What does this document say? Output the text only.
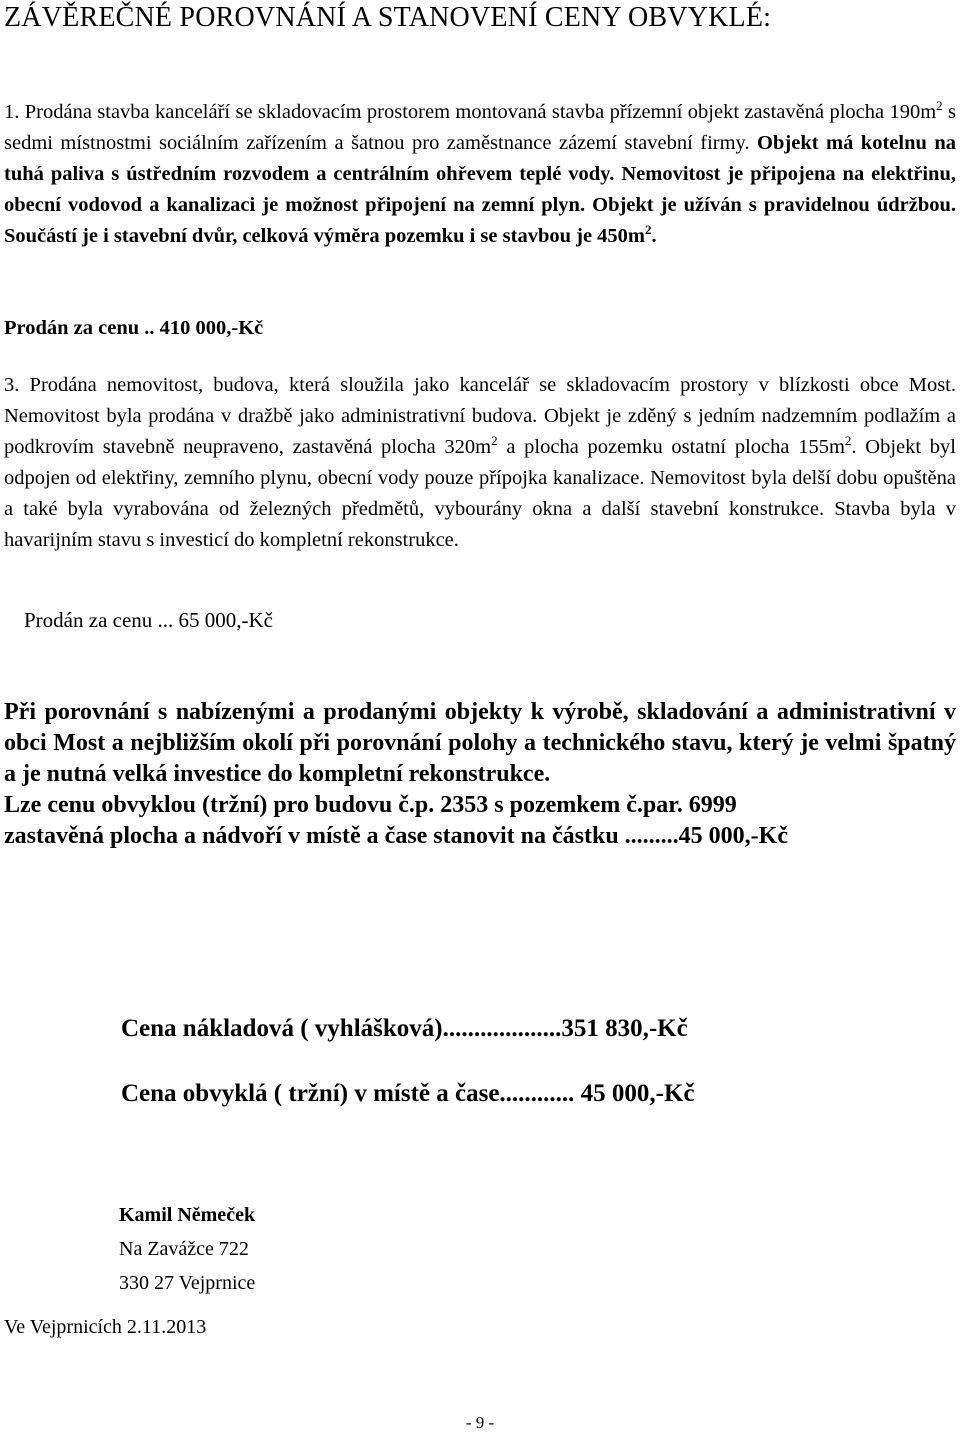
ZÁVĚREČNÉ POROVNÁNÍ A STANOVENÍ CENY OBVYKLÉ:

1. Prodána stavba kanceláří se skladovacím prostorem montovaná stavba přízemní objekt zastavěná plocha $190m^2$ s sedmi místnostmi sociálním zařízením a šatnou pro zaměstnance zázemí stavební firmy. Objekt má kotelnu na tuhá paliva s ústředním rozvodem a centrálním ohřevem teplé vody. Nemovitost je připojena na elektřinu, obecní vodovod a kanalizaci je možnost připojení na zemní plyn. Objekt je užíván s pravidelnou údržbou. Součástí je i stavební dvůr, celková výměra pozemku i se stavbou je $450m^2$.

Prodán za cenu .. 410 000,-Kč

3. Prodána nemovitost, budova, která sloužila jako kancelář se skladovacím prostory v blízkosti obce Most. Nemovitost byla prodána v dražbě jako administrativní budova. Objekt je zděný s jedním nadzemním podlažím a podkrovím stavebně neupraveno, zastavěná plocha $320m^2$ a plocha pozemku ostatní plocha $155m^2$. Objekt byl odpojen od elektřiny, zemního plynu, obecní vody pouze přípojka kanalizace. Nemovitost byla delší dobu opuštěna a také byla vyrabována od železných předmětů, vybourány okna a další stavební konstrukce. Stavba byla v havarijním stavu s investicí do kompletní rekonstrukce.

Prodán za cenu ... 65 000,-Kč
Při porovnání s nabízenými a prodanými objekty k výrobě, skladování a administrativní v obci Most a nejbližším okolí při porovnání polohy a technického stavu, který je velmi špatný a je nutná velká investice do kompletní rekonstrukce.
Lze cenu obvyklou (tržní) pro budovu č.p. 2353 s pozemkem č.par. 6999
zastavěná plocha a nádvoří v místě a čase stanovit na částku .........45 000,-Kč
Cena nákladová ( vyhlášková)...................351 830,-Kč
Cena obvyklá ( tržní) v místě a čase............ 45 000,-Kč
Kamil Němeček
Na Zavážce 722
330 27 Vejprnice
Ve Vejprnicích 2.11.2013
- 9 -
